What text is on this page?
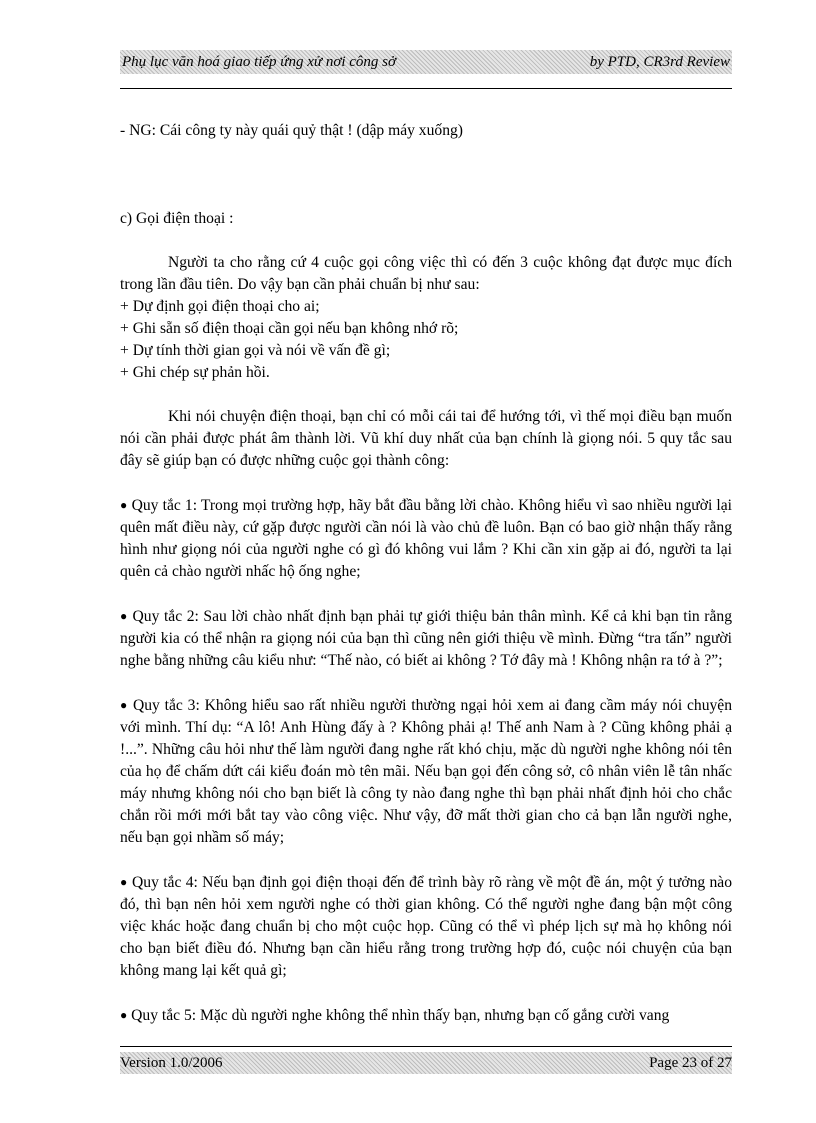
Phụ lục văn hoá giao tiếp ứng xử nơi công sở	by PTD, CR3rd Review

- NG: Cái công ty này quái quỷ thật ! (dập máy xuống)

c) Gọi điện thoại :

Người ta cho rằng cứ 4 cuộc gọi công việc thì có đến 3 cuộc không đạt được mục đích trong lần đầu tiên. Do vậy bạn cần phải chuẩn bị như sau:

+ Dự định gọi điện thoại cho ai;

+ Ghi sẵn số điện thoại cần gọi nếu bạn không nhớ rõ;

+ Dự tính thời gian gọi và nói về vấn đề gì;

+ Ghi chép sự phản hồi.

Khi nói chuyện điện thoại, bạn chỉ có mỗi cái tai để hướng tới, vì thế mọi điều bạn muốn nói cần phải được phát âm thành lời. Vũ khí duy nhất của bạn chính là giọng nói. 5 quy tắc sau đây sẽ giúp bạn có được những cuộc gọi thành công:

● Quy tắc 1: Trong mọi trường hợp, hãy bắt đầu bằng lời chào. Không hiểu vì sao nhiều người lại quên mất điều này, cứ gặp được người cần nói là vào chủ đề luôn. Bạn có bao giờ nhận thấy rằng hình như giọng nói của người nghe có gì đó không vui lắm ? Khi cần xin gặp ai đó, người ta lại quên cả chào người nhấc hộ ống nghe;

● Quy tắc 2: Sau lời chào nhất định bạn phải tự giới thiệu bản thân mình. Kể cả khi bạn tin rằng người kia có thể nhận ra giọng nói của bạn thì cũng nên giới thiệu về mình. Đừng “tra tấn” người nghe bằng những câu kiểu như: “Thế nào, có biết ai không ? Tớ đây mà ! Không nhận ra tớ à ?”;

● Quy tắc 3: Không hiểu sao rất nhiều người thường ngại hỏi xem ai đang cầm máy nói chuyện với mình. Thí dụ: “A lô! Anh Hùng đấy à ? Không phải ạ! Thế anh Nam à ? Cũng không phải ạ !...”. Những câu hỏi như thế làm người đang nghe rất khó chịu, mặc dù người nghe không nói tên của họ để chấm dứt cái kiểu đoán mò tên mãi. Nếu bạn gọi đến công sở, cô nhân viên lễ tân nhấc máy nhưng không nói cho bạn biết là công ty nào đang nghe thì bạn phải nhất định hỏi cho chắc chắn rồi mới mới bắt tay vào công việc. Như vậy, đỡ mất thời gian cho cả bạn lẫn người nghe, nếu bạn gọi nhầm số máy;

● Quy tắc 4: Nếu bạn định gọi điện thoại đến để trình bày rõ ràng về một đề án, một ý tưởng nào đó, thì bạn nên hỏi xem người nghe có thời gian không. Có thể người nghe đang bận một công việc khác hoặc đang chuẩn bị cho một cuộc họp. Cũng có thể vì phép lịch sự mà họ không nói cho bạn biết điều đó. Nhưng bạn cần hiểu rằng trong trường hợp đó, cuộc nói chuyện của bạn không mang lại kết quả gì;

● Quy tắc 5: Mặc dù người nghe không thể nhìn thấy bạn, nhưng bạn cố gắng cười vang

Version 1.0/2006	Page 23 of 27
